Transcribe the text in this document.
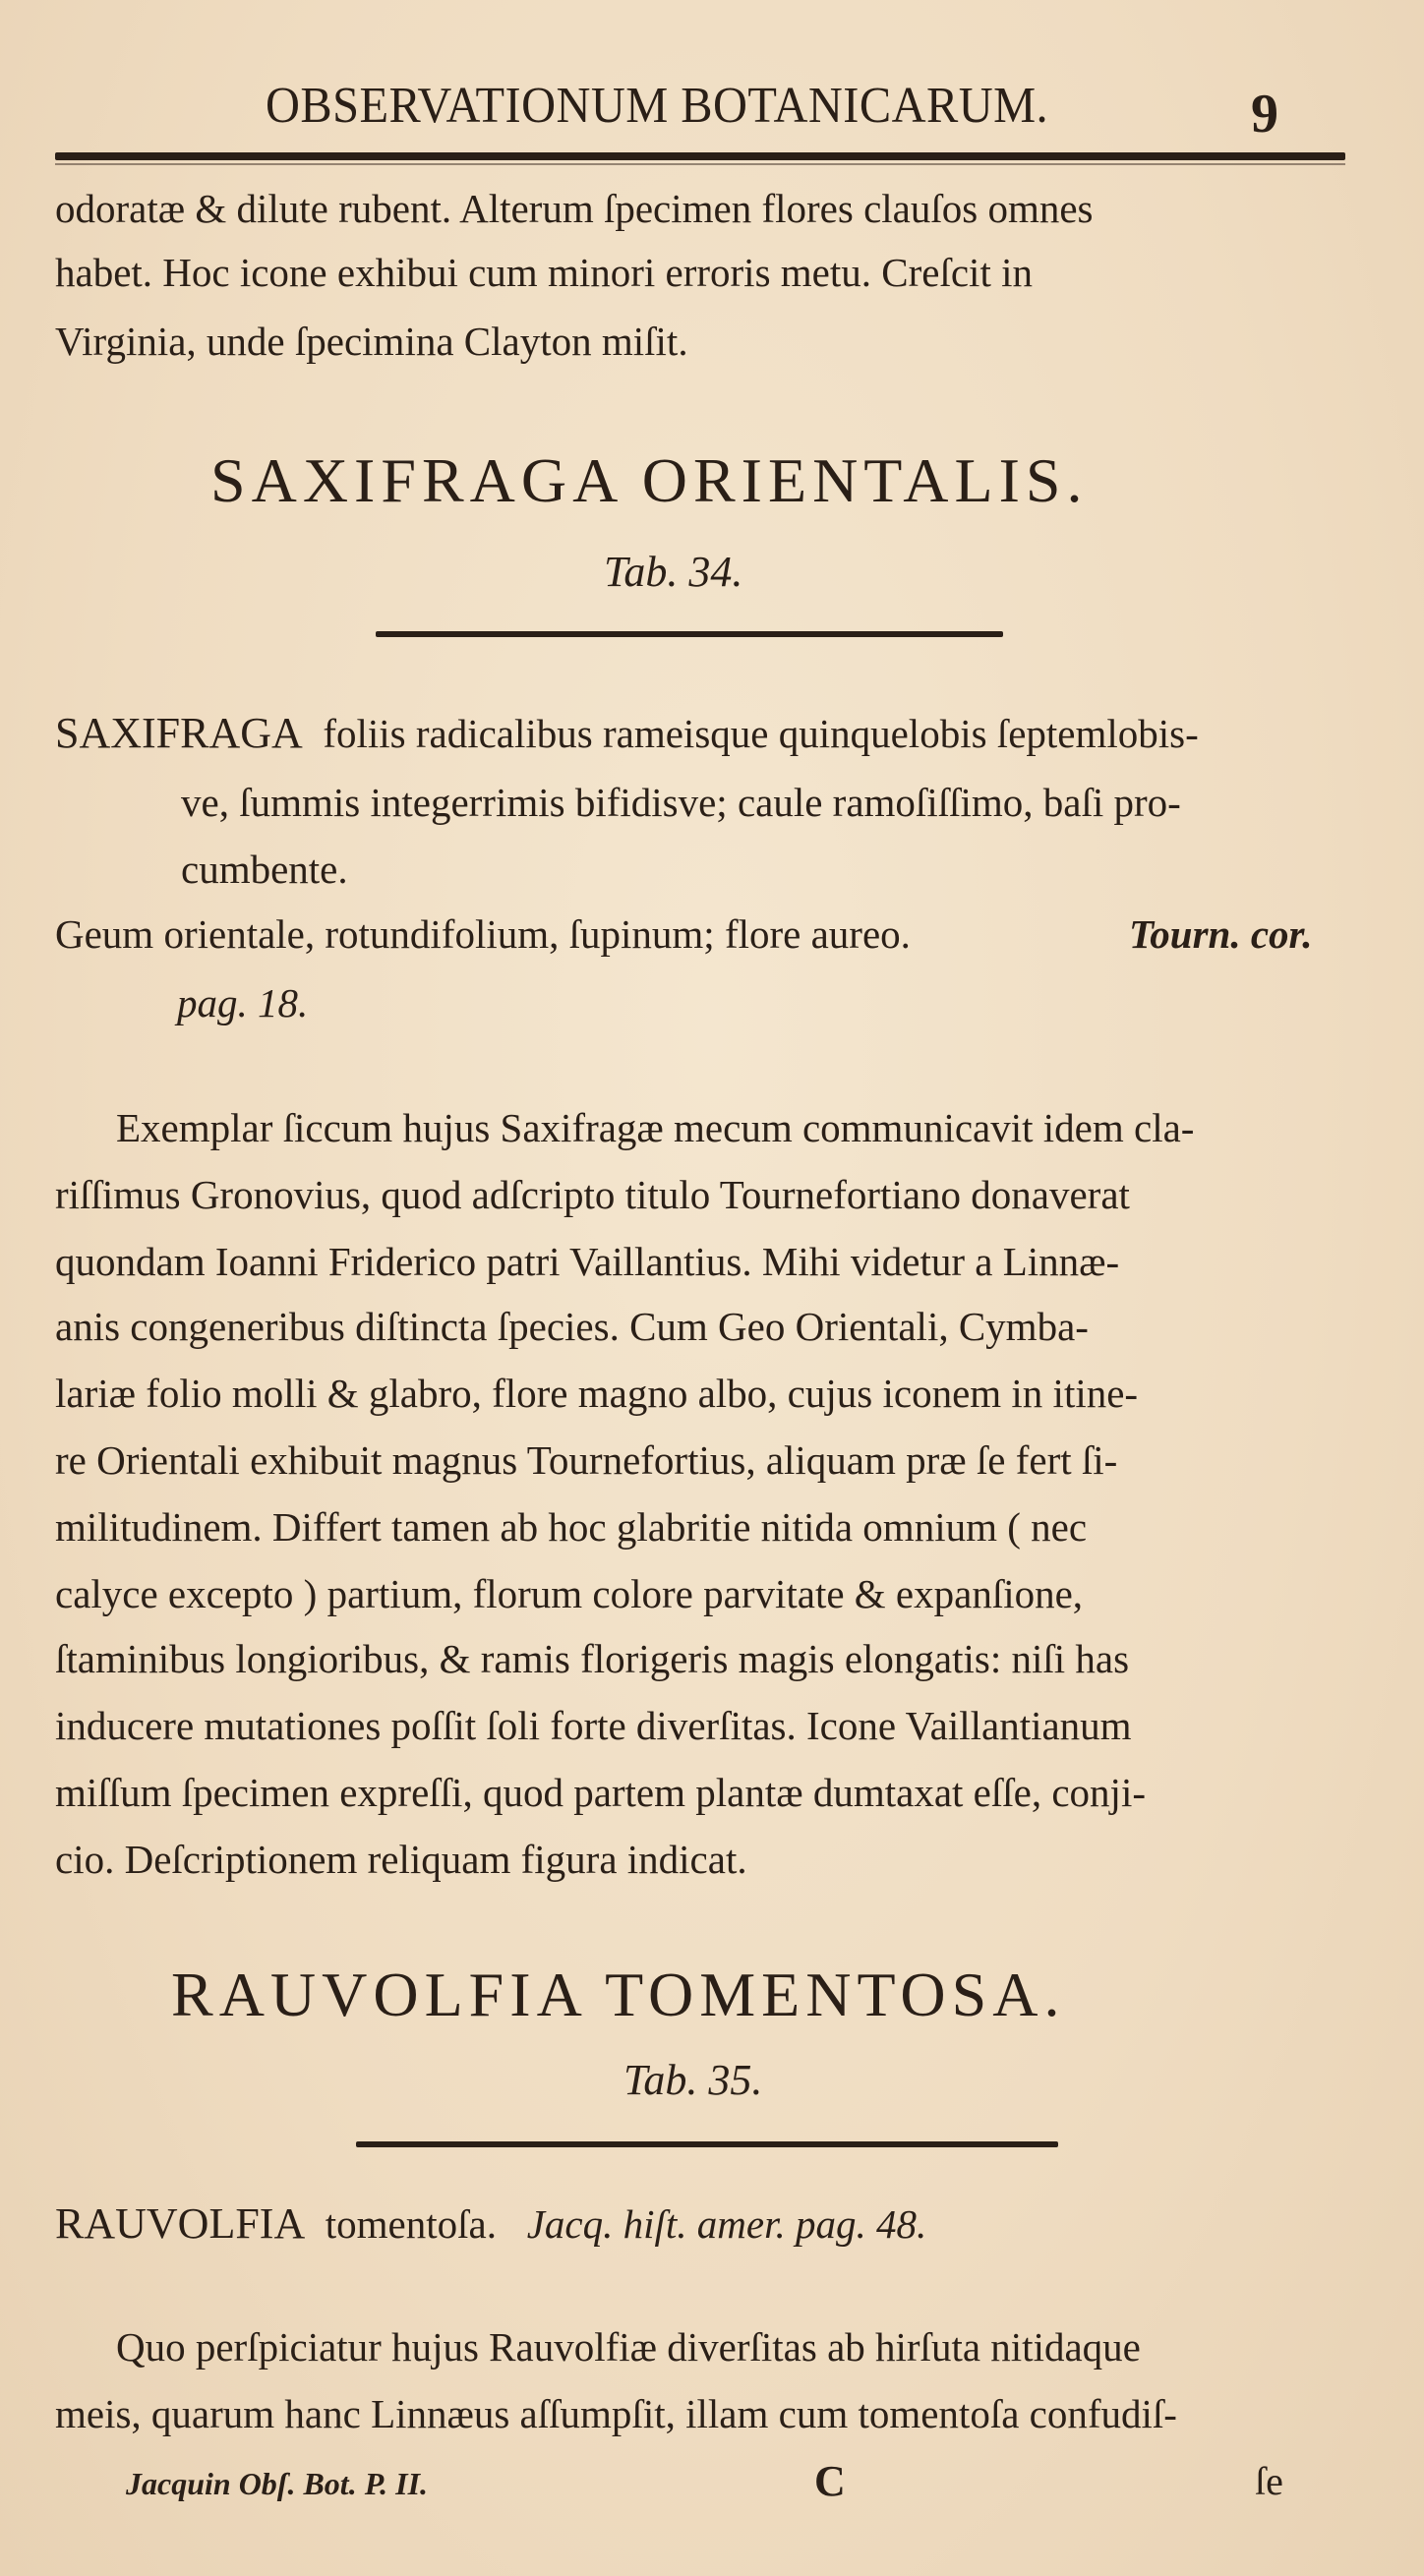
OBSERVATIONUM BOTANICARUM.	9
odoratæ & dilute rubent. Alterum ſpecimen flores clauſos omnes
habet. Hoc icone exhibui cum minori erroris metu. Creſcit in
Virginia, unde ſpecimina Clayton miſit.
SAXIFRAGA ORIENTALIS.
Tab. 34.
SAXIFRAGA foliis radicalibus rameisque quinquelobis ſeptemlobis-
ve, ſummis integerrimis bifidisve; caule ramoſiſſimo, baſi pro-
cumbente.
Geum orientale, rotundifolium, ſupinum; flore aureo.	Tourn. cor.
pag. 18.
Exemplar ſiccum hujus Saxifragæ mecum communicavit idem cla-
riſſimus Gronovius, quod adſcripto titulo Tournefortiano donaverat
quondam Ioanni Friderico patri Vaillantius. Mihi videtur a Linnæ-
anis congeneribus diſtincta ſpecies. Cum Geo Orientali, Cymba-
lariæ folio molli & glabro, flore magno albo, cujus iconem in itine-
re Orientali exhibuit magnus Tournefortius, aliquam præ ſe fert ſi-
militudinem. Differt tamen ab hoc glabritie nitida omnium ( nec
calyce excepto ) partium, florum colore parvitate & expanſione,
ſtaminibus longioribus, & ramis florigeris magis elongatis: niſi has
inducere mutationes poſſit ſoli forte diverſitas. Icone Vaillantianum
miſſum ſpecimen expreſſi, quod partem plantæ dumtaxat eſſe, conji-
cio. Deſcriptionem reliquam figura indicat.
RAUVOLFIA TOMENTOSA.
Tab. 35.
RAUVOLFIA tomentoſa. Jacq. hiſt. amer. pag. 48.
Quo perſpiciatur hujus Rauvolfiæ diverſitas ab hirſuta nitidaque
meis, quarum hanc Linnæus aſſumpſit, illam cum tomentoſa confudiſ-
Jacquin Obſ. Bot. P. II.	C	ſe
